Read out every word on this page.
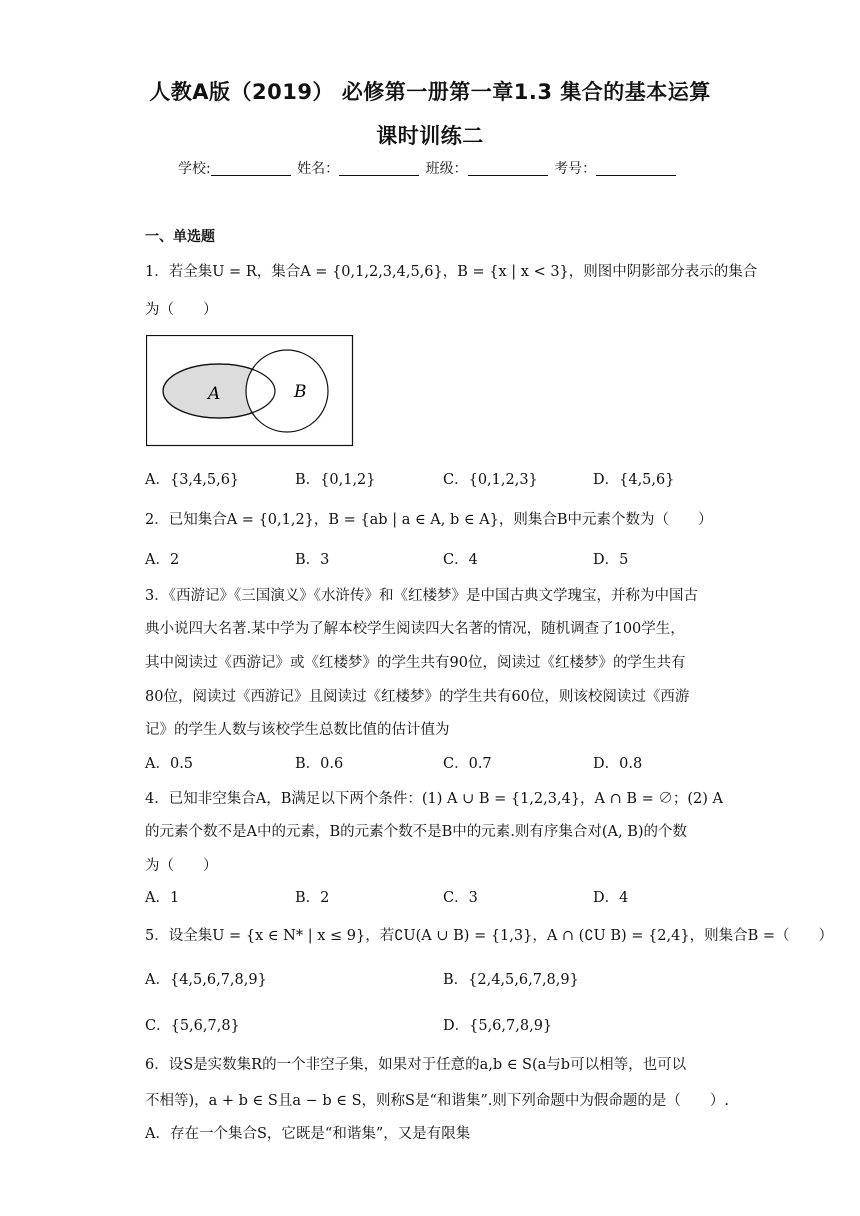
人教A版（2019） 必修第一册第一章1.3 集合的基本运算
课时训练二
学校:	姓名：	班级：	考号：
一、单选题
1．若全集U = R，集合A = {0,1,2,3,4,5,6}，B = {x | x < 3}，则图中阴影部分表示的集合
为（　　）
A	B
A．{3,4,5,6}	B．{0,1,2}	C．{0,1,2,3}	D．{4,5,6}
2．已知集合A = {0,1,2}，B = {ab | a ∈ A, b ∈ A}，则集合B中元素个数为（　　）
A．2	B．3	C．4	D．5
3．《西游记》《三国演义》《水浒传》和《红楼梦》是中国古典文学瑰宝，并称为中国古
典小说四大名著.某中学为了解本校学生阅读四大名著的情况，随机调查了100学生，
其中阅读过《西游记》或《红楼梦》的学生共有90位，阅读过《红楼梦》的学生共有
80位，阅读过《西游记》且阅读过《红楼梦》的学生共有60位，则该校阅读过《西游
记》的学生人数与该校学生总数比值的估计值为
A．0.5	B．0.6	C．0.7	D．0.8
4．已知非空集合A，B满足以下两个条件：(1) A ∪ B = {1,2,3,4}，A ∩ B = ∅；(2) A
的元素个数不是A中的元素，B的元素个数不是B中的元素.则有序集合对(A, B)的个数
为（　　）
A．1	B．2	C．3	D．4
5．设全集U = {x ∈ N* | x ≤ 9}，若∁U(A ∪ B) = {1,3}，A ∩ (∁U B) = {2,4}，则集合B =（　　）
A．{4,5,6,7,8,9}	B．{2,4,5,6,7,8,9}
C．{5,6,7,8}	D．{5,6,7,8,9}
6．设S是实数集R的一个非空子集，如果对于任意的a,b ∈ S(a与b可以相等，也可以
不相等)，a + b ∈ S且a − b ∈ S，则称S是“和谐集”.则下列命题中为假命题的是（　　）.
A．存在一个集合S，它既是“和谐集”，又是有限集
